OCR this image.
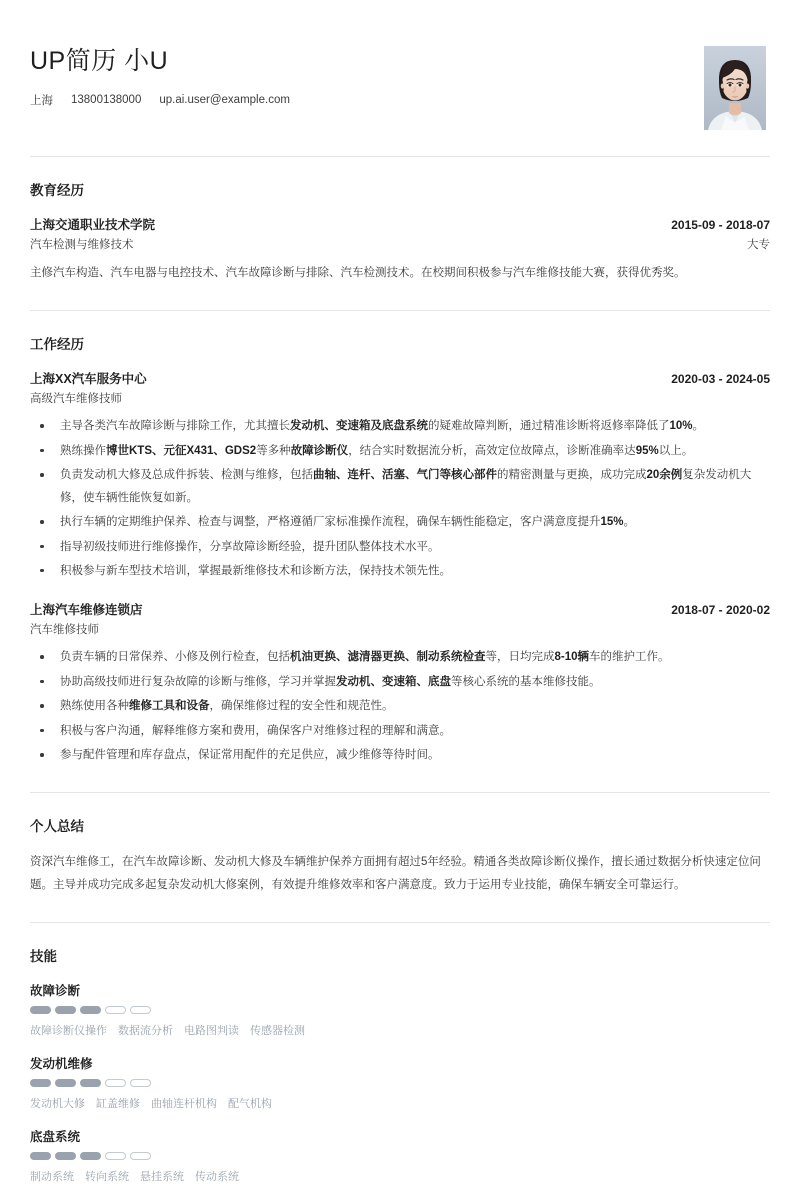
UP简历 小U
上海 13800138000 up.ai.user@example.com
教育经历
上海交通职业技术学院	2015-09 - 2018-07
汽车检测与维修技术	大专
主修汽车构造、汽车电器与电控技术、汽车故障诊断与排除、汽车检测技术。在校期间积极参与汽车维修技能大赛，获得优秀奖。
工作经历
上海XX汽车服务中心	2020-03 - 2024-05
高级汽车维修技师
主导各类汽车故障诊断与排除工作，尤其擅长发动机、变速箱及底盘系统的疑难故障判断，通过精准诊断将返修率降低了10%。
熟练操作博世KTS、元征X431、GDS2等多种故障诊断仪，结合实时数据流分析，高效定位故障点，诊断准确率达95%以上。
负责发动机大修及总成件拆装、检测与维修，包括曲轴、连杆、活塞、气门等核心部件的精密测量与更换，成功完成20余例复杂发动机大修，使车辆性能恢复如新。
执行车辆的定期维护保养、检查与调整，严格遵循厂家标准操作流程，确保车辆性能稳定，客户满意度提升15%。
指导初级技师进行维修操作，分享故障诊断经验，提升团队整体技术水平。
积极参与新车型技术培训，掌握最新维修技术和诊断方法，保持技术领先性。
上海汽车维修连锁店	2018-07 - 2020-02
汽车维修技师
负责车辆的日常保养、小修及例行检查，包括机油更换、滤清器更换、制动系统检查等，日均完成8-10辆车的维护工作。
协助高级技师进行复杂故障的诊断与维修，学习并掌握发动机、变速箱、底盘等核心系统的基本维修技能。
熟练使用各种维修工具和设备，确保维修过程的安全性和规范性。
积极与客户沟通，解释维修方案和费用，确保客户对维修过程的理解和满意。
参与配件管理和库存盘点，保证常用配件的充足供应，减少维修等待时间。
个人总结
资深汽车维修工，在汽车故障诊断、发动机大修及车辆维护保养方面拥有超过5年经验。精通各类故障诊断仪操作，擅长通过数据分析快速定位问题。主导并成功完成多起复杂发动机大修案例，有效提升维修效率和客户满意度。致力于运用专业技能，确保车辆安全可靠运行。
技能
故障诊断
故障诊断仪操作 数据流分析 电路图判读 传感器检测
发动机维修
发动机大修 缸盖维修 曲轴连杆机构 配气机构
底盘系统
制动系统 转向系统 悬挂系统 传动系统
